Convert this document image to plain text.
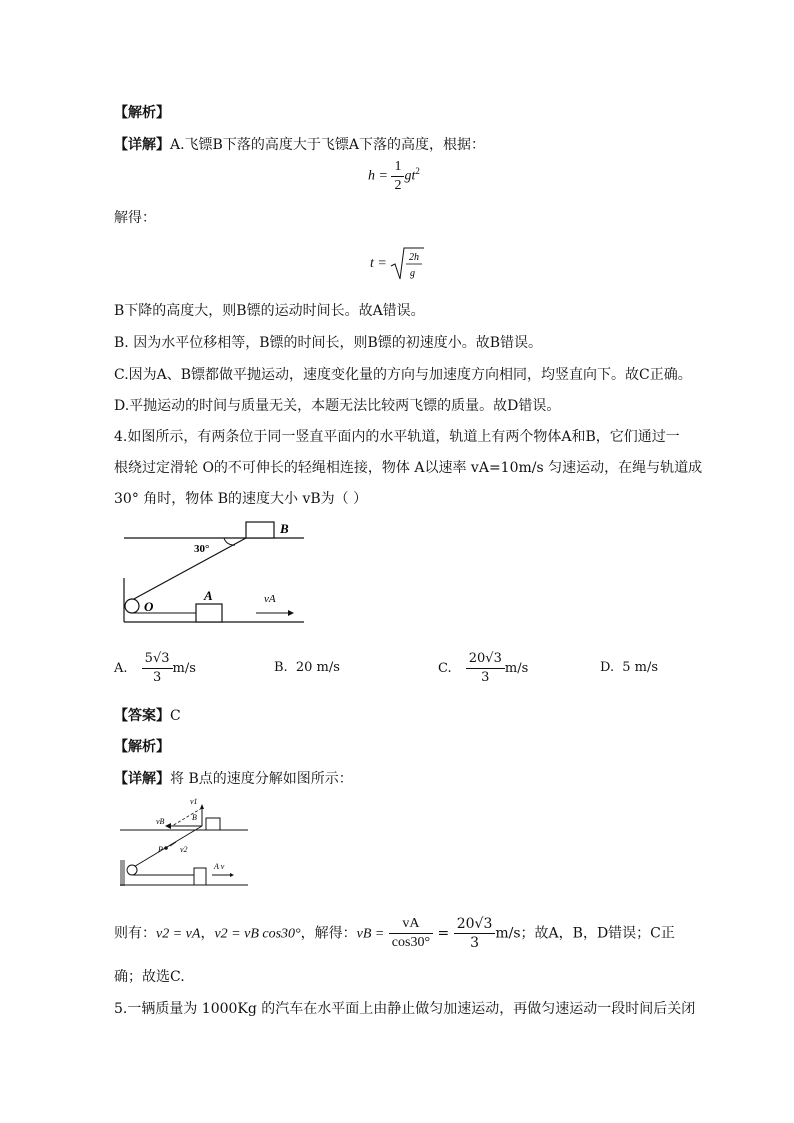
【解析】
【详解】A.飞镖B下落的高度大于飞镖A下落的高度，根据：
$h = \frac{1}{2} gt^2$
解得：
t = 2h
g
B下降的高度大，则B镖的运动时间长。故A错误。
B. 因为水平位移相等，B镖的时间长，则B镖的初速度小。故B错误。
C.因为A、B镖都做平抛运动，速度变化量的方向与加速度方向相同，均竖直向下。故C正确。
D.平抛运动的时间与质量无关，本题无法比较两飞镖的质量。故D错误。
4.如图所示，有两条位于同一竖直平面内的水平轨道，轨道上有两个物体A和B，它们通过一
根绕过定滑轮 O的不可伸长的轻绳相连接，物体 A以速率 vA=10m/s 匀速运动，在绳与轨道成
30° 角时，物体 B的速度大小 vB为（ ）
B
30°
O
A	vA
A. $\frac{5√3}{3} m/s$	B. 20 m/s	C. $\frac{20√3}{3} m/s$	D. 5 m/s
【答案】C
【解析】
【详解】将 B点的速度分解如图所示：
v1
vB	B
P v2
A v
则有：v2 = vA，v2 = vB cos30°，解得：vB = $\frac{vA}{\cos 30^\circ} = \frac{20√3}{3} m/s$；故A，B，D错误；C正
确；故选C.
5.一辆质量为 1000Kg 的汽车在水平面上由静止做匀加速运动，再做匀速运动一段时间后关闭
